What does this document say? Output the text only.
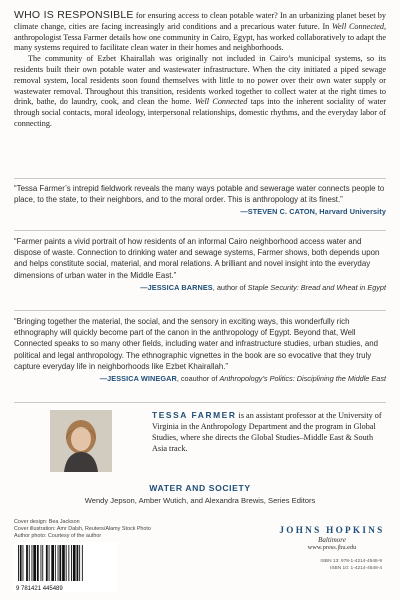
WHO IS RESPONSIBLE for ensuring access to clean potable water? In an urbanizing planet beset by climate change, cities are facing increasingly arid conditions and a precarious water future. In Well Connected, anthropologist Tessa Farmer details how one community in Cairo, Egypt, has worked collaboratively to adapt the many systems required to facilitate clean water in their homes and neighborhoods.

The community of Ezbet Khairallah was originally not included in Cairo’s municipal systems, so its residents built their own potable water and wastewater infrastructure. When the city initiated a piped sewage removal system, local residents soon found themselves with little to no power over their own water supply or wastewater removal. Throughout this transition, residents worked together to collect water at the right times to drink, bathe, do laundry, cook, and clean the home. Well Connected taps into the inherent sociality of water through social contacts, moral ideology, interpersonal relationships, domestic rhythms, and the everyday labor of connecting.

“Tessa Farmer’s intrepid fieldwork reveals the many ways potable and sewerage water connects people to place, to the state, to their neighbors, and to the moral order. This is anthropology at its finest.”

—STEVEN C. CATON, Harvard University

“Farmer paints a vivid portrait of how residents of an informal Cairo neighborhood access water and dispose of waste. Connection to drinking water and sewage systems, Farmer shows, both depends upon and helps constitute social, material, and moral relations. A brilliant and novel insight into the everyday dimensions of urban water in the Middle East.”

—JESSICA BARNES, author of Staple Security: Bread and Wheat in Egypt

“Bringing together the material, the social, and the sensory in exciting ways, this wonderfully rich ethnography will quickly become part of the canon in the anthropology of Egypt. Beyond that, Well Connected speaks to so many other fields, including water and infrastructure studies, urban studies, and political and legal anthropology. The ethnographic vignettes in the book are so evocative that they truly capture everyday life in neighborhoods like Ezbet Khairallah.”

—JESSICA WINEGAR, coauthor of Anthropology’s Politics: Disciplining the Middle East

TESSA FARMER is an assistant professor at the University of Virginia in the Anthropology Department and the program in Global Studies, where she directs the Global Studies–Middle East & South Asia track.

WATER AND SOCIETY
Wendy Jepson, Amber Wutich, and Alexandra Brewis, Series Editors
Cover design: Bea Jackson
Cover illustration: Amr Dalsh, Reuters/Alamy Stock Photo
Author photo: Courtesy of the author
9 781421 445489
JOHNS HOPKINS
Baltimore
www.press.jhu.edu
ISBN 13: 978-1-4214-4548-9
ISBN 10: 1-4214-4548-4
